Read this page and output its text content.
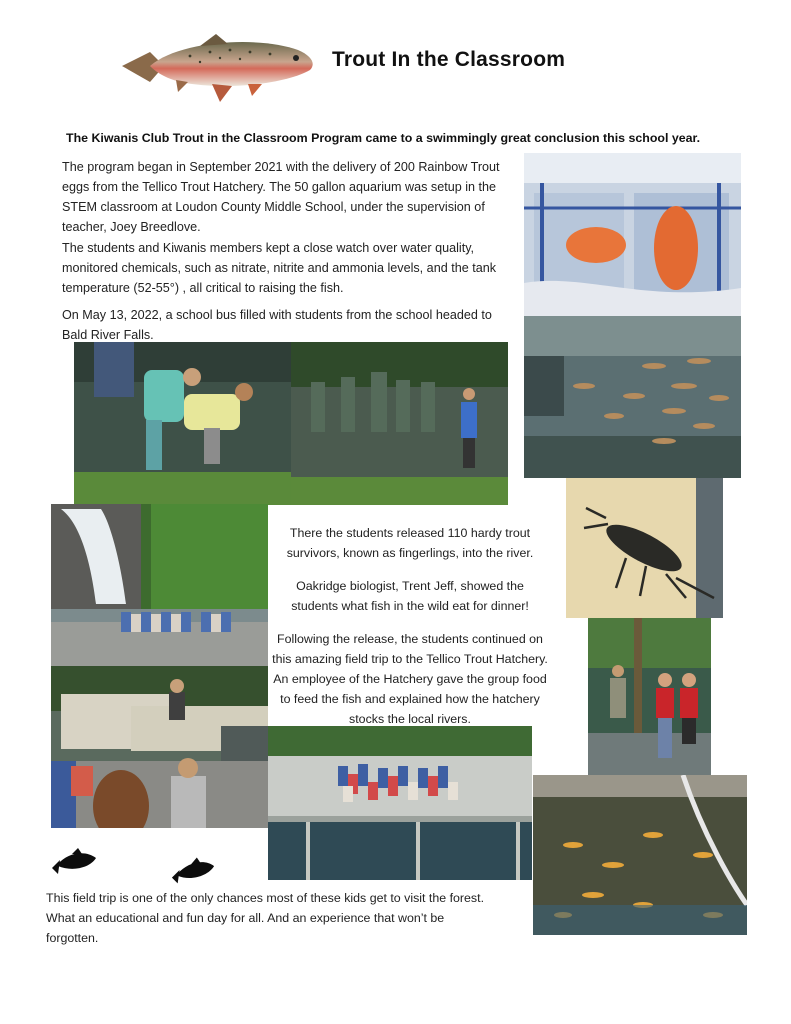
Trout In the Classroom
The Kiwanis Club Trout in the Classroom Program came to a swimmingly great conclusion this school year.
The program began in September 2021 with the delivery of 200 Rainbow Trout eggs from the Tellico Trout Hatchery. The 50 gallon aquarium was setup in the STEM classroom at Loudon County Middle School, under the supervision of teacher, Joey Breedlove.
The students and Kiwanis members kept a close watch over water quality, monitored chemicals, such as nitrate, nitrite and ammonia levels, and the tank temperature (52-55°) , all critical to raising the fish.
On May 13, 2022, a school bus filled with students from the school headed to Bald River Falls.

There the students released 110 hardy trout survivors, known as fingerlings, into the river.

Oakridge biologist, Trent Jeff, showed the students what fish in the wild eat for dinner!

Following the release, the students continued on this amazing field trip to the Tellico Trout Hatchery. An employee of the Hatchery gave the group food to feed the fish and explained how the hatchery stocks the local rivers.

This field trip is one of the only chances most of these kids get to visit the forest. What an educational and fun day for all. And an experience that won’t be forgotten.
